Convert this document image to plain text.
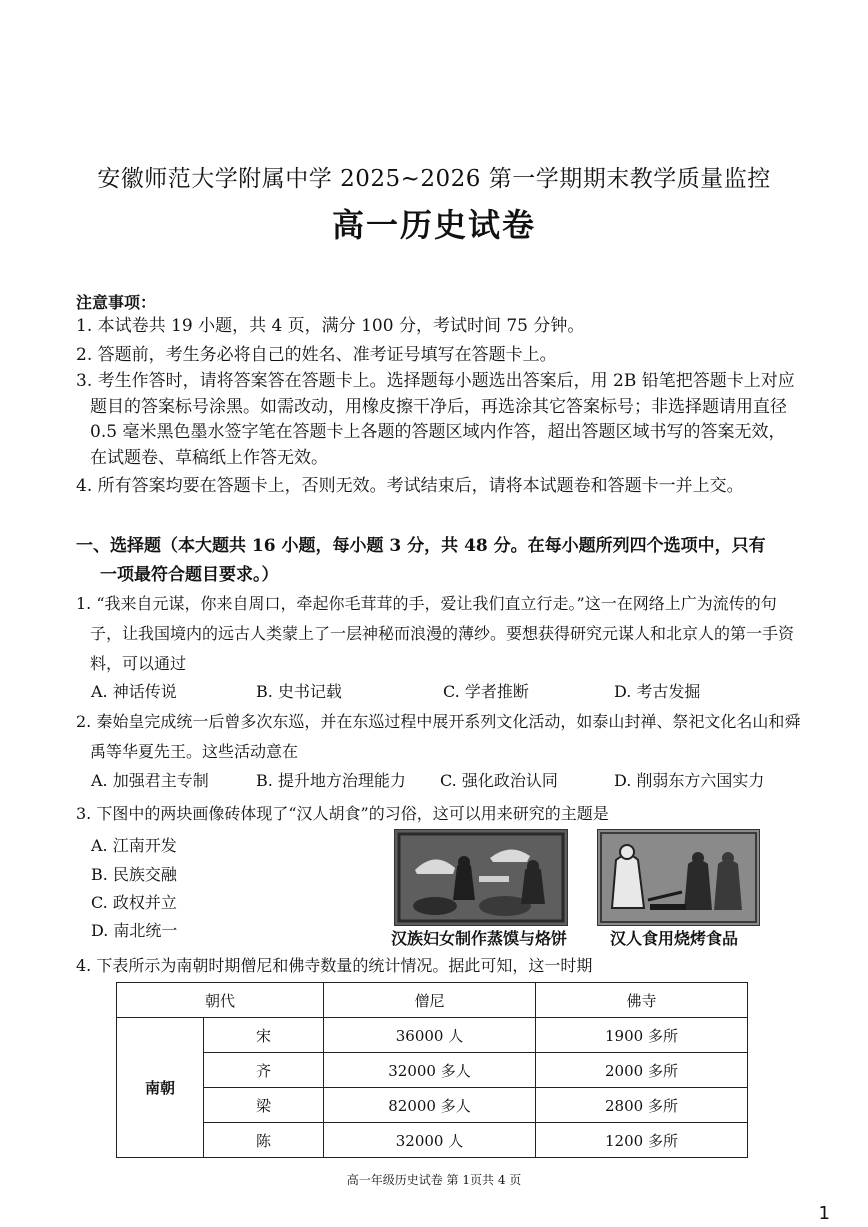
安徽师范大学附属中学 2025~2026 第一学期期末教学质量监控
高一历史试卷
注意事项：
1. 本试卷共 19 小题，共 4 页，满分 100 分，考试时间 75 分钟。
2. 答题前，考生务必将自己的姓名、准考证号填写在答题卡上。
3. 考生作答时，请将答案答在答题卡上。选择题每小题选出答案后，用 2B 铅笔把答题卡上对应题目的答案标号涂黑。如需改动，用橡皮擦干净后，再选涂其它答案标号；非选择题请用直径 0.5 毫米黑色墨水签字笔在答题卡上各题的答题区域内作答，超出答题区域书写的答案无效，在试题卷、草稿纸上作答无效。
4. 所有答案均要在答题卡上，否则无效。考试结束后，请将本试题卷和答题卡一并上交。
一、选择题（本大题共 16 小题，每小题 3 分，共 48 分。在每小题所列四个选项中，只有
一项最符合题目要求。）
1. “我来自元谋，你来自周口，牵起你毛茸茸的手，爱让我们直立行走。”这一在网络上广为流传的句子，让我国境内的远古人类蒙上了一层神秘而浪漫的薄纱。要想获得研究元谋人和北京人的第一手资料，可以通过
A. 神话传说	B. 史书记载	C. 学者推断	D. 考古发掘
2. 秦始皇完成统一后曾多次东巡，并在东巡过程中展开系列文化活动，如泰山封禅、祭祀文化名山和舜禹等华夏先王。这些活动意在
A. 加强君主专制	B. 提升地方治理能力 C. 强化政治认同	D. 削弱东方六国实力
3. 下图中的两块画像砖体现了“汉人胡食”的习俗，这可以用来研究的主题是
A. 江南开发
B. 民族交融
C. 政权并立
D. 南北统一	汉族妇女制作蒸馍与烙饼	汉人食用烧烤食品
4. 下表所示为南朝时期僧尼和佛寺数量的统计情况。据此可知，这一时期
朝代		僧尼	佛寺
南朝	宋	36000 人	1900 多所
	齐	32000 多人	2000 多所
	梁	82000 多人	2800 多所
	陈	32000 人	1200 多所
高一年级历史试卷 第 1页共 4 页
1
